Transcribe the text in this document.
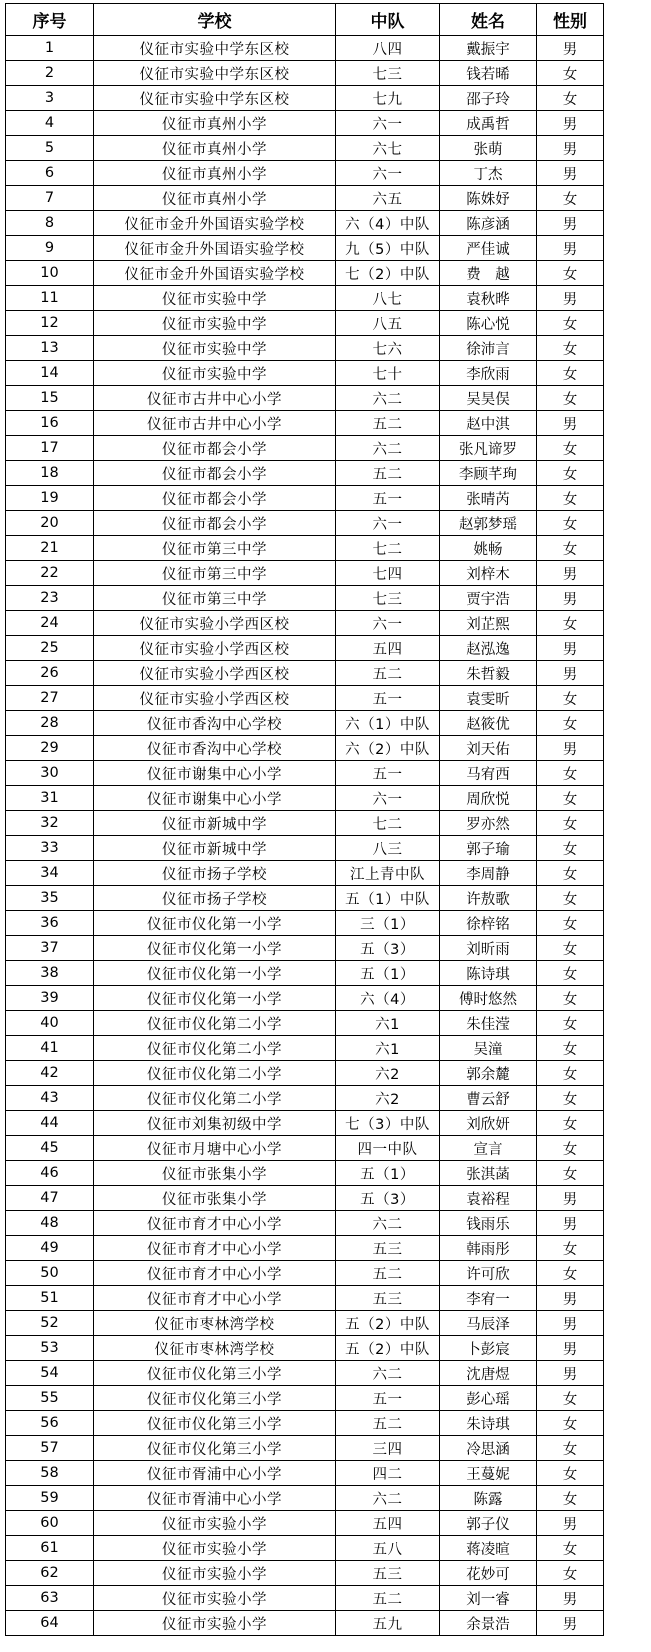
序号	学校	中队	姓名	性别
1	仪征市实验中学东区校	八四	戴振宇	男
2	仪征市实验中学东区校	七三	钱若晞	女
3	仪征市实验中学东区校	七九	邵子玲	女
4	仪征市真州小学	六一	成禹哲	男
5	仪征市真州小学	六七	张萌	男
6	仪征市真州小学	六一	丁杰	男
7	仪征市真州小学	六五	陈姝妤	女
8	仪征市金升外国语实验学校	六（4）中队	陈彦涵	男
9	仪征市金升外国语实验学校	九（5）中队	严佳诚	男
10	仪征市金升外国语实验学校	七（2）中队	费　越	女
11	仪征市实验中学	八七	袁秋晔	男
12	仪征市实验中学	八五	陈心悦	女
13	仪征市实验中学	七六	徐沛言	女
14	仪征市实验中学	七十	李欣雨	女
15	仪征市古井中心小学	六二	吴昊俣	女
16	仪征市古井中心小学	五二	赵中淇	男
17	仪征市都会小学	六二	张凡谛罗	女
18	仪征市都会小学	五二	李顾芊珣	女
19	仪征市都会小学	五一	张晴芮	女
20	仪征市都会小学	六一	赵郭梦瑶	女
21	仪征市第三中学	七二	姚畅	女
22	仪征市第三中学	七四	刘梓木	男
23	仪征市第三中学	七三	贾宇浩	男
24	仪征市实验小学西区校	六一	刘芷熙	女
25	仪征市实验小学西区校	五四	赵泓逸	男
26	仪征市实验小学西区校	五二	朱哲毅	男
27	仪征市实验小学西区校	五一	袁雯昕	女
28	仪征市香沟中心学校	六（1）中队	赵筱优	女
29	仪征市香沟中心学校	六（2）中队	刘天佑	男
30	仪征市谢集中心小学	五一	马宥西	女
31	仪征市谢集中心小学	六一	周欣悦	女
32	仪征市新城中学	七二	罗亦然	女
33	仪征市新城中学	八三	郭子瑜	女
34	仪征市扬子学校	江上青中队	李周静	女
35	仪征市扬子学校	五（1）中队	许敖歌	女
36	仪征市仪化第一小学	三（1）	徐梓铭	女
37	仪征市仪化第一小学	五（3）	刘昕雨	女
38	仪征市仪化第一小学	五（1）	陈诗琪	女
39	仪征市仪化第一小学	六（4）	傅时悠然	女
40	仪征市仪化第二小学	六1	朱佳滢	女
41	仪征市仪化第二小学	六1	吴潼	女
42	仪征市仪化第二小学	六2	郭余麓	女
43	仪征市仪化第二小学	六2	曹云舒	女
44	仪征市刘集初级中学	七（3）中队	刘欣妍	女
45	仪征市月塘中心小学	四一中队	宣言	女
46	仪征市张集小学	五（1）	张淇菡	女
47	仪征市张集小学	五（3）	袁裕程	男
48	仪征市育才中心小学	六二	钱雨乐	男
49	仪征市育才中心小学	五三	韩雨彤	女
50	仪征市育才中心小学	五二	许可欣	女
51	仪征市育才中心小学	五三	李宥一	男
52	仪征市枣林湾学校	五（2）中队	马辰泽	男
53	仪征市枣林湾学校	五（2）中队	卜彭宸	男
54	仪征市仪化第三小学	六二	沈唐煜	男
55	仪征市仪化第三小学	五一	彭心瑶	女
56	仪征市仪化第三小学	五二	朱诗琪	女
57	仪征市仪化第三小学	三四	冷思涵	女
58	仪征市胥浦中心小学	四二	王蔓妮	女
59	仪征市胥浦中心小学	六二	陈露	女
60	仪征市实验小学	五四	郭子仪	男
61	仪征市实验小学	五八	蒋凌暄	女
62	仪征市实验小学	五三	花妙可	女
63	仪征市实验小学	五二	刘一睿	男
64	仪征市实验小学	五九	余景浩	男
